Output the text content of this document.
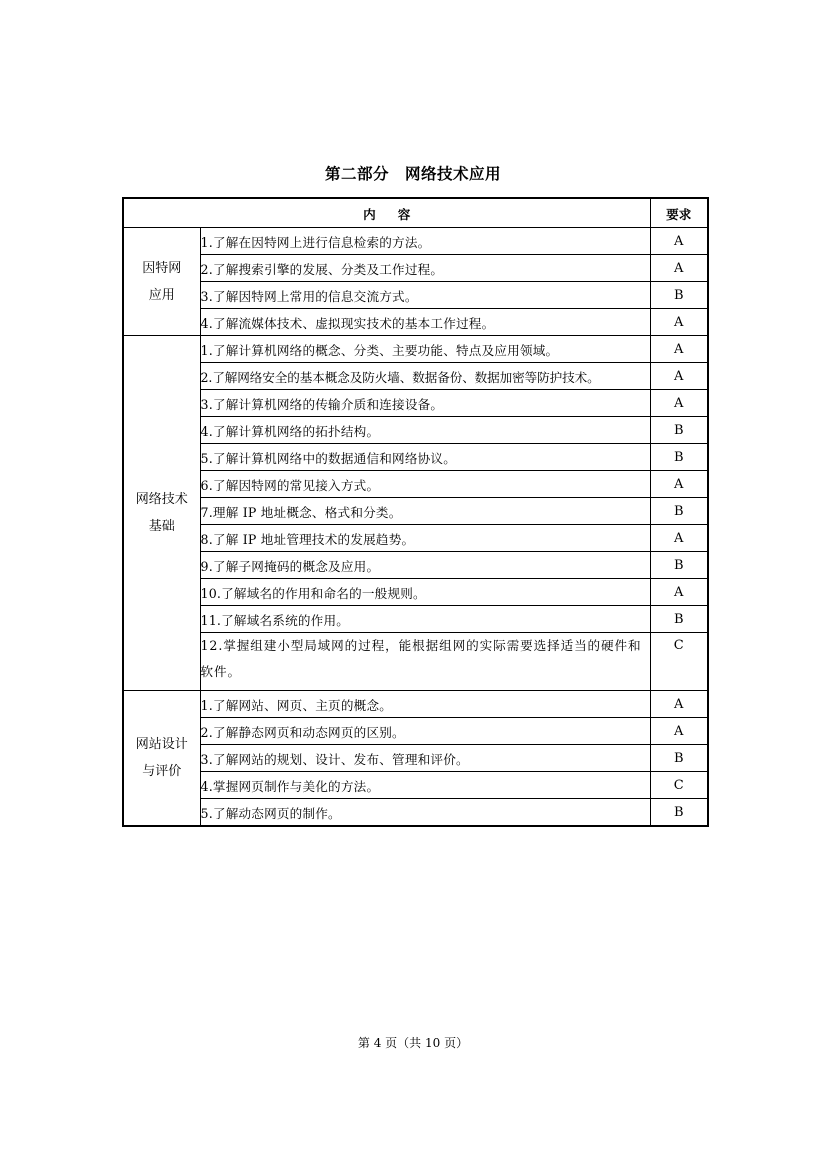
第二部分 网络技术应用
内 容		要求
因特网
应用	1.了解在因特网上进行信息检索的方法。	A
	2.了解搜索引擎的发展、分类及工作过程。	A
	3.了解因特网上常用的信息交流方式。	B
	4.了解流媒体技术、虚拟现实技术的基本工作过程。	A
网络技术
基础	1.了解计算机网络的概念、分类、主要功能、特点及应用领域。	A
	2.了解网络安全的基本概念及防火墙、数据备份、数据加密等防护技术。	A
	3.了解计算机网络的传输介质和连接设备。	A
	4.了解计算机网络的拓扑结构。	B
	5.了解计算机网络中的数据通信和网络协议。	B
	6.了解因特网的常见接入方式。	A
	7.理解 IP 地址概念、格式和分类。	B
	8.了解 IP 地址管理技术的发展趋势。	A
	9.了解子网掩码的概念及应用。	B
	10.了解域名的作用和命名的一般规则。	A
	11.了解域名系统的作用。	B
	12.掌握组建小型局域网的过程，能根据组网的实际需要选择适当的硬件和软件。	C
网站设计
与评价	1.了解网站、网页、主页的概念。	A
	2.了解静态网页和动态网页的区别。	A
	3.了解网站的规划、设计、发布、管理和评价。	B
	4.掌握网页制作与美化的方法。	C
	5.了解动态网页的制作。	B
第 4 页（共 10 页）
